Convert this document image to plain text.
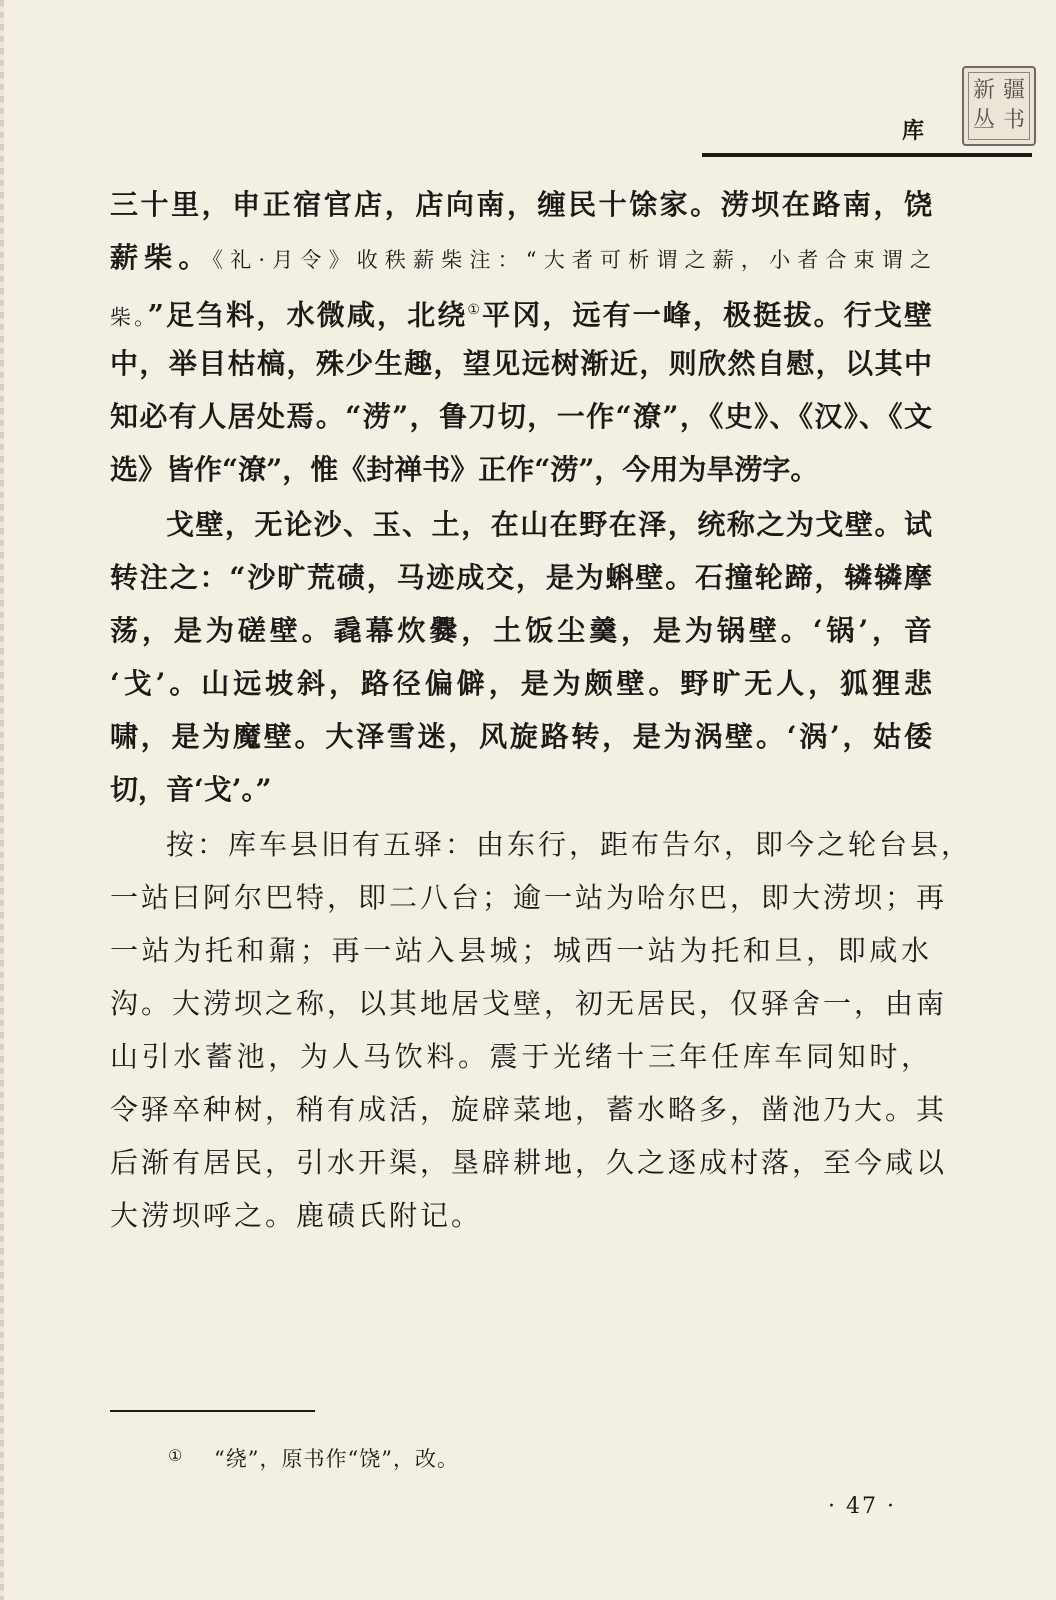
库
新 疆
丛 书
三十里，申正宿官店，店向南，缠民十馀家。涝坝在路南，饶
薪柴。《礼·月令》收秩薪柴注：“大者可析谓之薪，小者合束谓之
柴。”足刍料，水微咸，北绕①平冈，远有一峰，极挺拔。行戈壁
中，举目枯槁，殊少生趣，望见远树渐近，则欣然自慰，以其中
知必有人居处焉。“涝”，鲁刀切，一作“潦”，《史》、《汉》、《文
选》皆作“潦”，惟《封禅书》正作“涝”，今用为旱涝字。
戈壁，无论沙、玉、土，在山在野在泽，统称之为戈壁。试
转注之：“沙旷荒碛，马迹成交，是为蝌壁。石撞轮蹄，辚辚摩
荡，是为磋壁。毳幕炊爨，土饭尘羹，是为锅壁。‘锅’，音
‘戈’。山远坡斜，路径偏僻，是为颇壁。野旷无人，狐狸悲
啸，是为魔壁。大泽雪迷，风旋路转，是为涡壁。‘涡’，姑倭
切，音‘戈’。”
按：库车县旧有五驿：由东行，距布告尔，即今之轮台县，
一站曰阿尔巴特，即二八台；逾一站为哈尔巴，即大涝坝；再
一站为托和鼐；再一站入县城；城西一站为托和旦，即咸水
沟。大涝坝之称，以其地居戈壁，初无居民，仅驿舍一，由南
山引水蓄池，为人马饮料。震于光绪十三年任库车同知时，
令驿卒种树，稍有成活，旋辟菜地，蓄水略多，凿池乃大。其
后渐有居民，引水开渠，垦辟耕地，久之逐成村落，至今咸以
大涝坝呼之。鹿碛氏附记。
① “绕”，原书作“饶”，改。
· 47 ·
